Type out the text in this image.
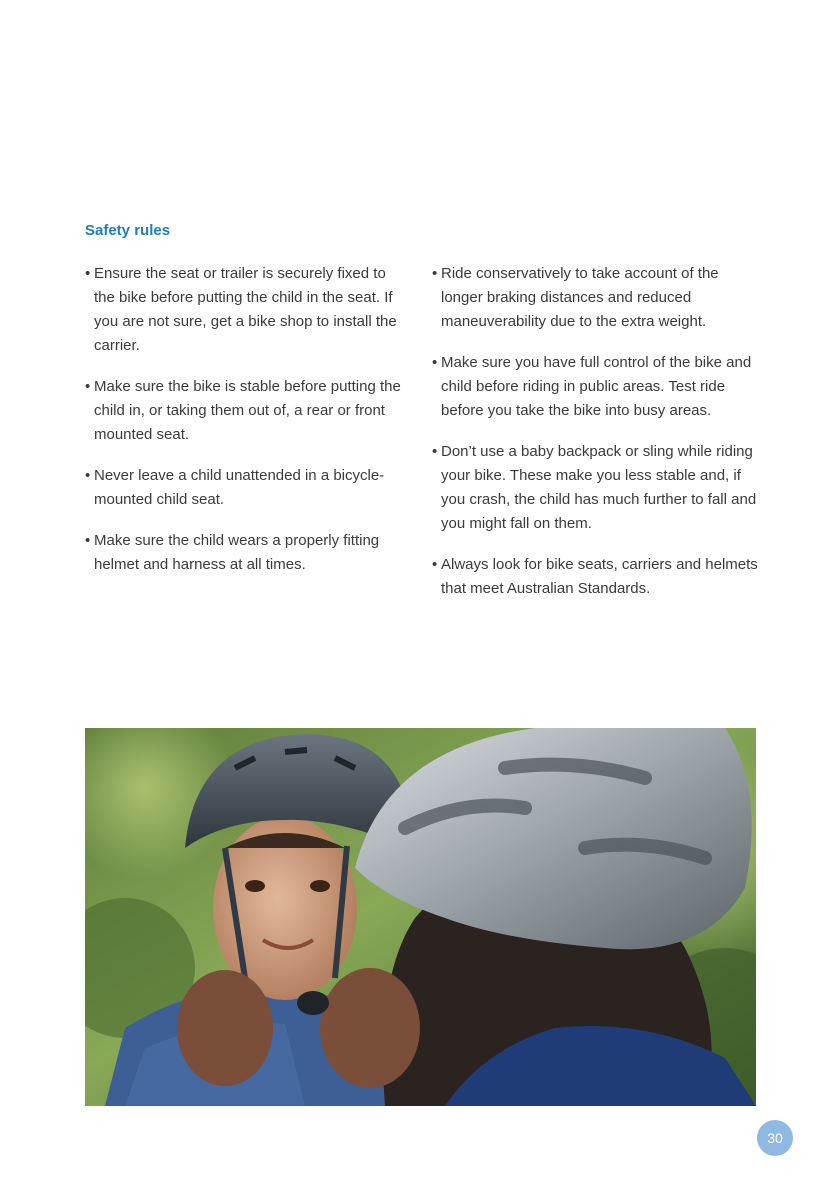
Safety rules
• Ensure the seat or trailer is securely fixed to the bike before putting the child in the seat. If you are not sure, get a bike shop to install the carrier.
• Make sure the bike is stable before putting the child in, or taking them out of, a rear or front mounted seat.
• Never leave a child unattended in a bicycle-mounted child seat.
• Make sure the child wears a properly fitting helmet and harness at all times.
• Ride conservatively to take account of the longer braking distances and reduced maneuverability due to the extra weight.
• Make sure you have full control of the bike and child before riding in public areas. Test ride before you take the bike into busy areas.
• Don’t use a baby backpack or sling while riding your bike. These make you less stable and, if you crash, the child has much further to fall and you might fall on them.
• Always look for bike seats, carriers and helmets that meet Australian Standards.
30
